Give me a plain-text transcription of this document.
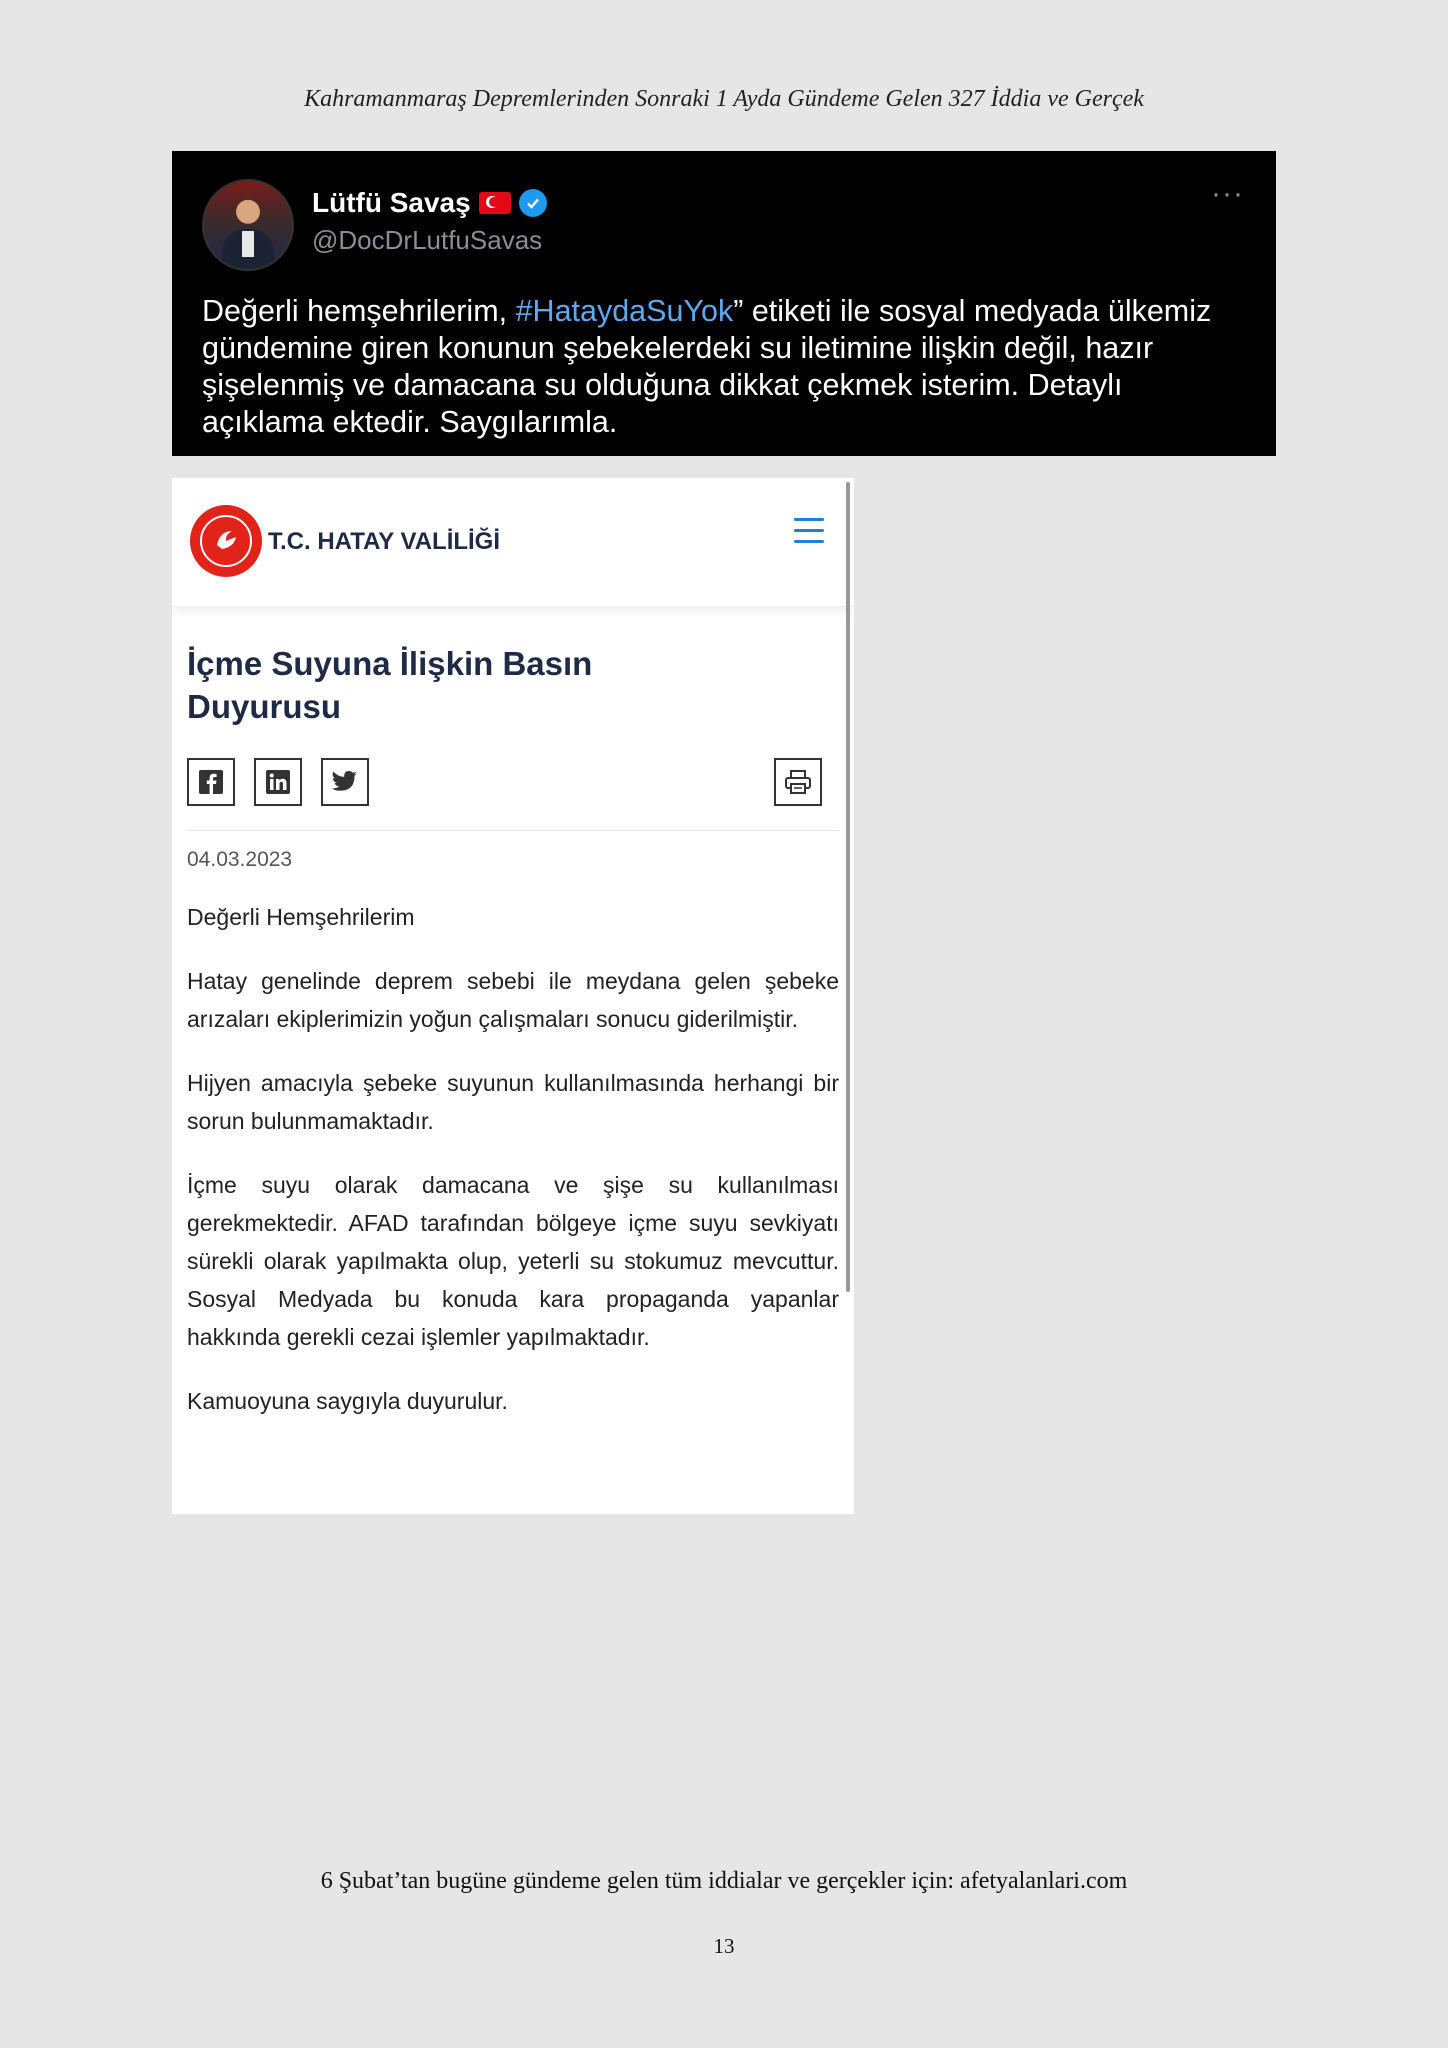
Kahramanmaraş Depremlerinden Sonraki 1 Ayda Gündeme Gelen 327 İddia ve Gerçek
Lütfü Savaş
@DocDrLutfuSavas
···
Değerli hemşehrilerim, #HataydaSuYok” etiketi ile sosyal medyada ülkemiz gündemine giren konunun şebekelerdeki su iletimine ilişkin değil, hazır şişelenmiş ve damacana su olduğuna dikkat çekmek isterim. Detaylı açıklama ektedir. Saygılarımla.
T.C. HATAY VALİLİĞİ
İçme Suyuna İlişkin Basın
Duyurusu
04.03.2023

Değerli Hemşehrilerim

Hatay genelinde deprem sebebi ile meydana gelen şebeke arızaları ekiplerimizin yoğun çalışmaları sonucu giderilmiştir.

Hijyen amacıyla şebeke suyunun kullanılmasında herhangi bir sorun bulunmamaktadır.

İçme suyu olarak damacana ve şişe su kullanılması gerekmektedir. AFAD tarafından bölgeye içme suyu sevkiyatı sürekli olarak yapılmakta olup, yeterli su stokumuz mevcuttur. Sosyal Medyada bu konuda kara propaganda yapanlar hakkında gerekli cezai işlemler yapılmaktadır.

Kamuoyuna saygıyla duyurulur.

6 Şubat’tan bugüne gündeme gelen tüm iddialar ve gerçekler için: afetyalanlari.com
13
